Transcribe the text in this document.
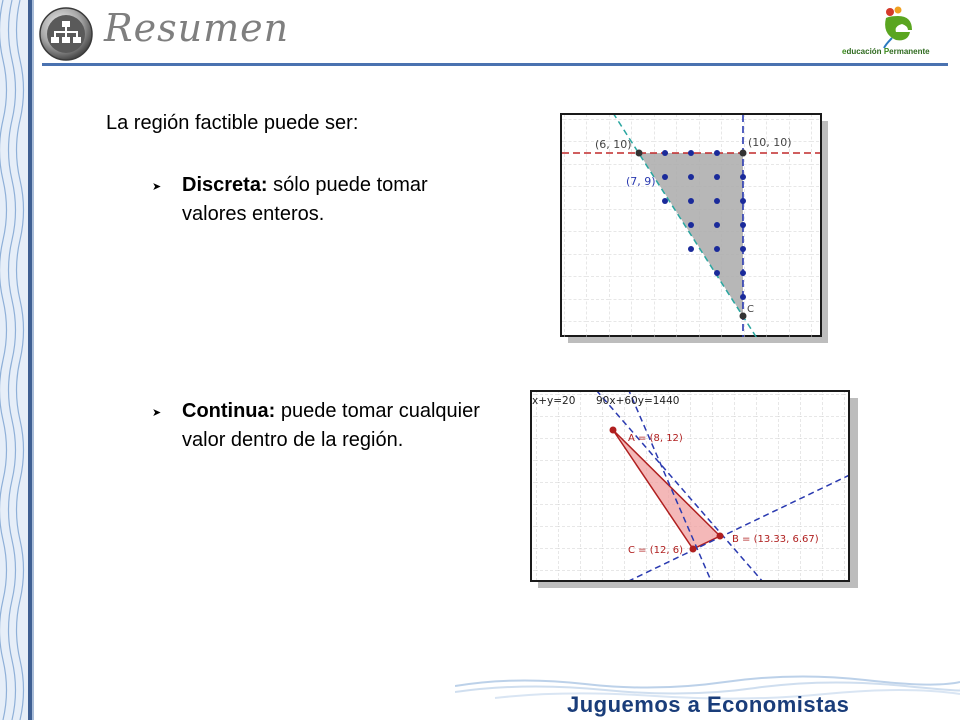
Resumen
educación Permanente
La región factible puede ser:
➤ Discreta: sólo puede tomar valores enteros.
➤ Continua: puede tomar cualquier valor dentro de la región.
(6, 10)	(10, 10)
(7, 9)
C
x+y=20 90x+60y=1440
A = (8, 12)
B = (13.33, 6.67)
C = (12, 6)
Juguemos a Economistas
